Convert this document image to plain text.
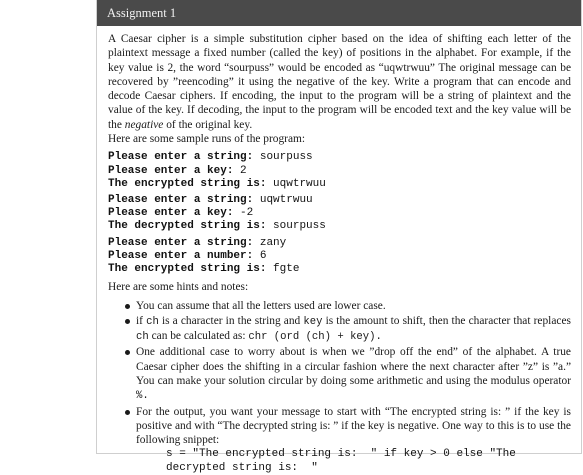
Assignment 1

A Caesar cipher is a simple substitution cipher based on the idea of shifting each letter of the plaintext message a fixed number (called the key) of positions in the alphabet. For example, if the key value is 2, the word “sourpuss” would be encoded as “uqwtrwuu” The original message can be recovered by ”reencoding” it using the negative of the key. Write a program that can encode and decode Caesar ciphers. If encoding, the input to the program will be a string of plaintext and the value of the key. If decoding, the input to the program will be encoded text and the key value will be the negative of the original key.

Here are some sample runs of the program:

Please enter a string: sourpuss
Please enter a key: 2
The encrypted string is: uqwtrwuu
Please enter a string: uqwtrwuu
Please enter a key: -2
The decrypted string is: sourpuss
Please enter a string: zany
Please enter a number: 6
The encrypted string is: fgte

Here are some hints and notes:

You can assume that all the letters used are lower case.
if ch is a character in the string and key is the amount to shift, then the character that replaces ch can be calculated as: chr (ord (ch) + key).
One additional case to worry about is when we ”drop off the end” of the alphabet. A true Caesar cipher does the shifting in a circular fashion where the next character after ”z” is ”a.” You can make your solution circular by doing some arithmetic and using the modulus operator %.
For the output, you want your message to start with “The encrypted string is: ” if the key is positive and with “The decrypted string is: ” if the key is negative. One way to this is to use the following snippet:
s = "The encrypted string is:  " if key > 0 else "The
decrypted string is:  "
